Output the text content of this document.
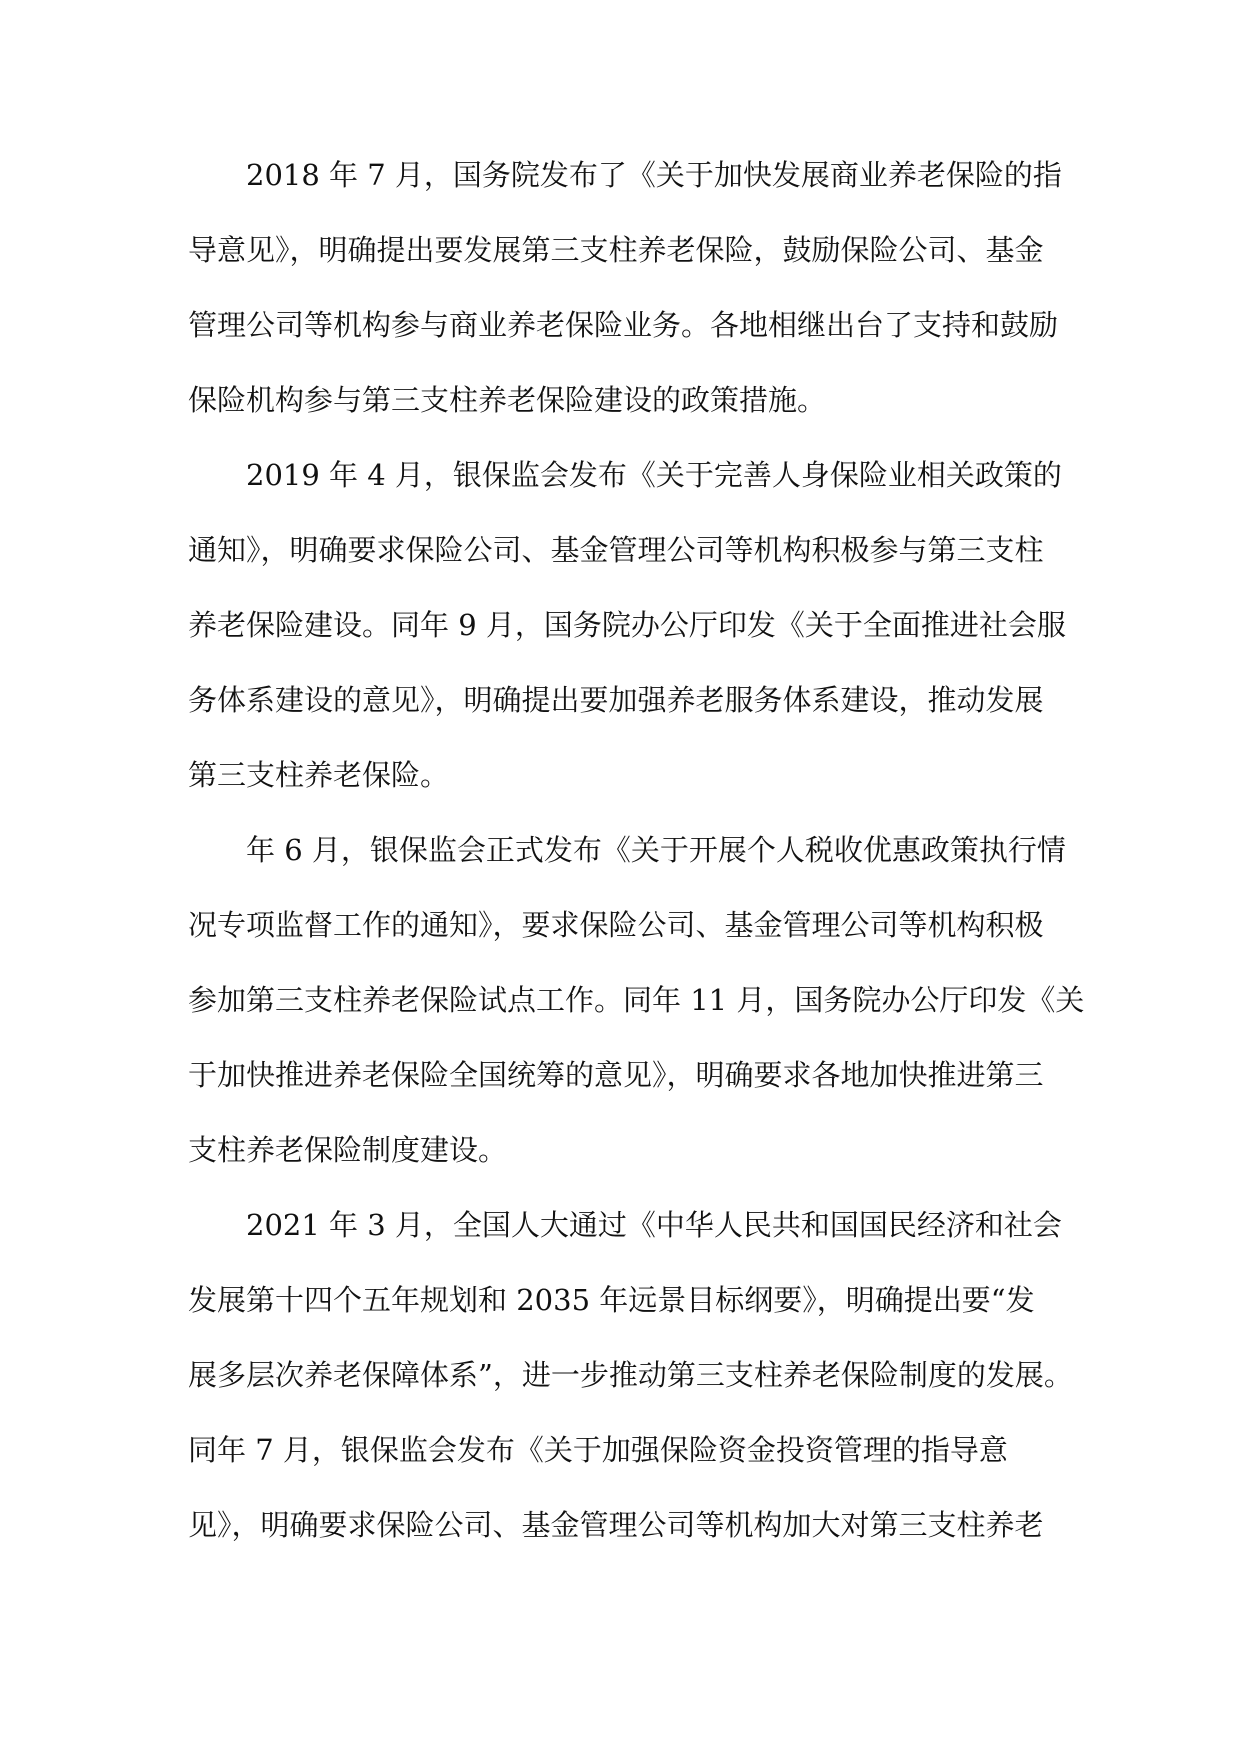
2018 年 7 月，国务院发布了《关于加快发展商业养老保险的指
导意见》，明确提出要发展第三支柱养老保险，鼓励保险公司、基金
管理公司等机构参与商业养老保险业务。各地相继出台了支持和鼓励
保险机构参与第三支柱养老保险建设的政策措施。
2019 年 4 月，银保监会发布《关于完善人身保险业相关政策的
通知》，明确要求保险公司、基金管理公司等机构积极参与第三支柱
养老保险建设。同年 9 月，国务院办公厅印发《关于全面推进社会服
务体系建设的意见》，明确提出要加强养老服务体系建设，推动发展
第三支柱养老保险。
年 6 月，银保监会正式发布《关于开展个人税收优惠政策执行情
况专项监督工作的通知》，要求保险公司、基金管理公司等机构积极
参加第三支柱养老保险试点工作。同年 11 月，国务院办公厅印发《关
于加快推进养老保险全国统筹的意见》，明确要求各地加快推进第三
支柱养老保险制度建设。
2021 年 3 月，全国人大通过《中华人民共和国国民经济和社会
发展第十四个五年规划和 2035 年远景目标纲要》，明确提出要“发
展多层次养老保障体系”，进一步推动第三支柱养老保险制度的发展。
同年 7 月，银保监会发布《关于加强保险资金投资管理的指导意
见》，明确要求保险公司、基金管理公司等机构加大对第三支柱养老
